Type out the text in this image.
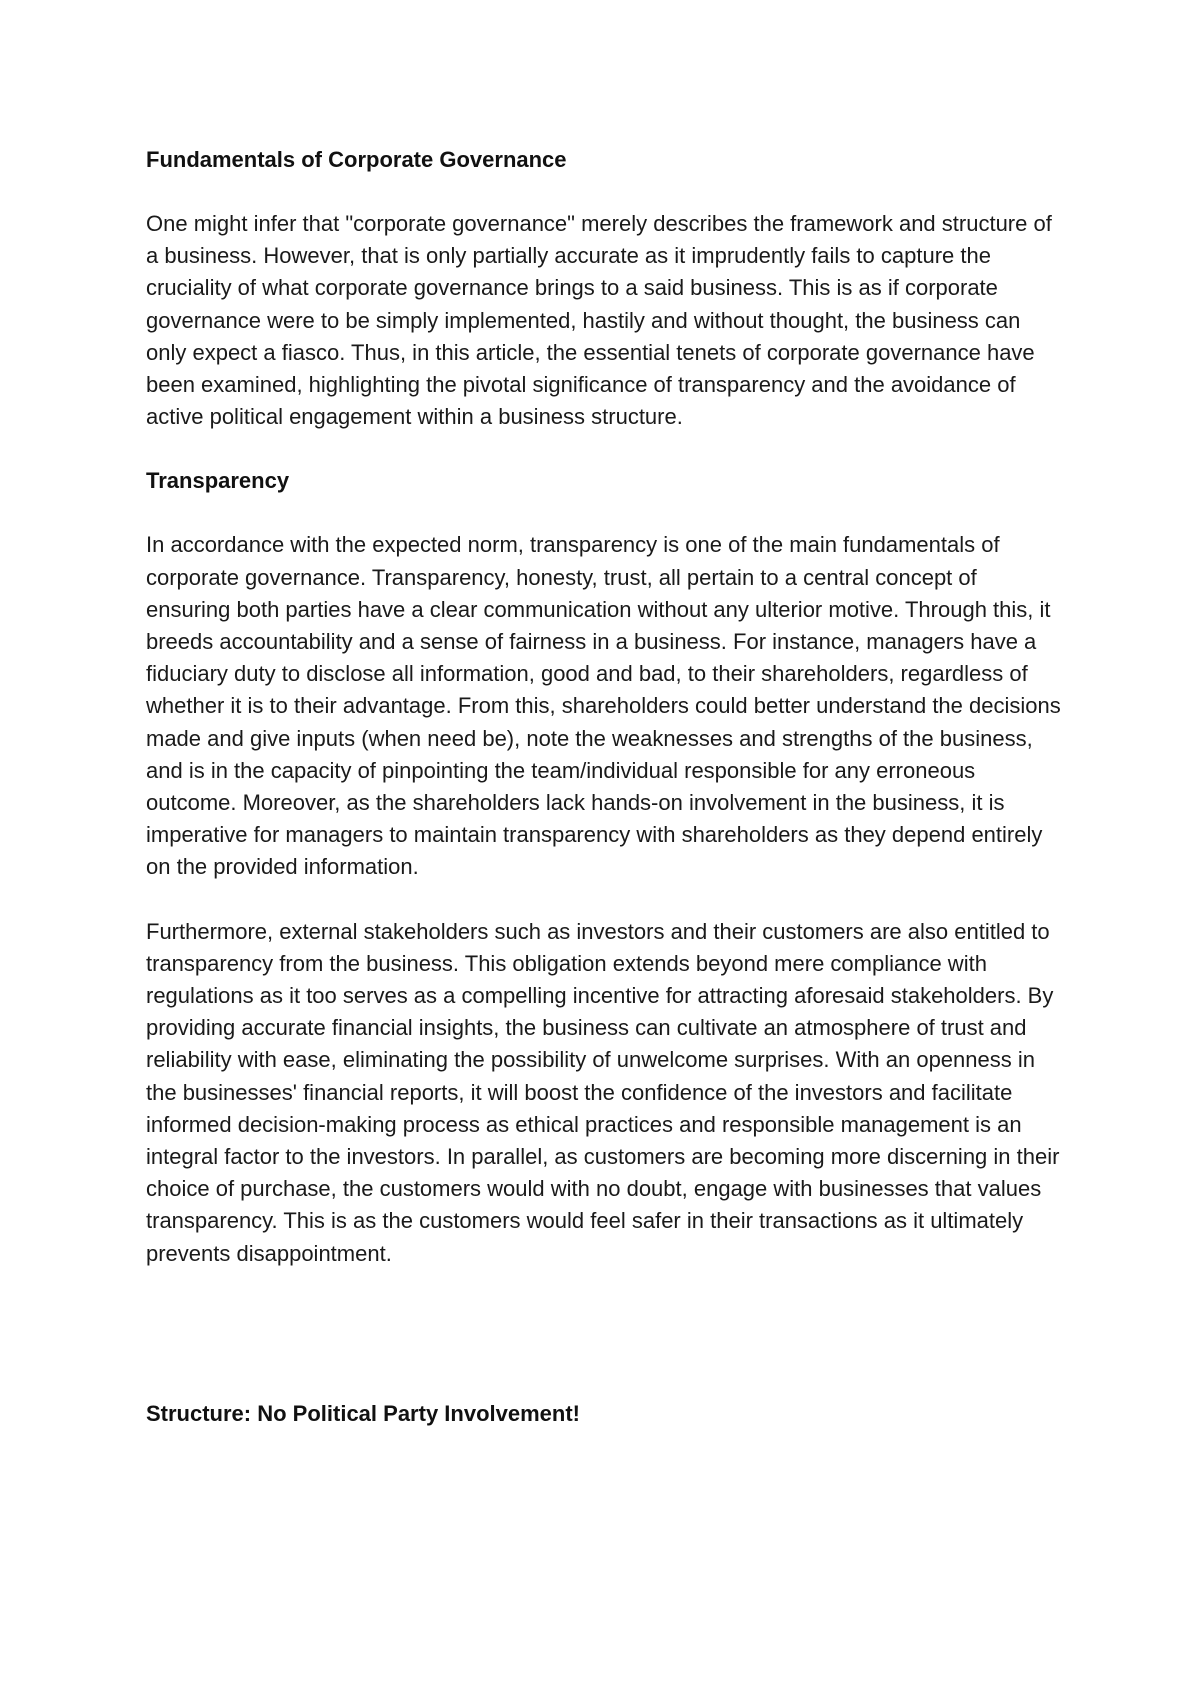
Fundamentals of Corporate Governance

One might infer that "corporate governance" merely describes the framework and structure of a business. However, that is only partially accurate as it imprudently fails to capture the cruciality of what corporate governance brings to a said business. This is as if corporate governance were to be simply implemented, hastily and without thought, the business can only expect a fiasco. Thus, in this article, the essential tenets of corporate governance have been examined, highlighting the pivotal significance of transparency and the avoidance of active political engagement within a business structure.

Transparency

In accordance with the expected norm, transparency is one of the main fundamentals of corporate governance. Transparency, honesty, trust, all pertain to a central concept of ensuring both parties have a clear communication without any ulterior motive. Through this, it breeds accountability and a sense of fairness in a business. For instance, managers have a fiduciary duty to disclose all information, good and bad, to their shareholders, regardless of whether it is to their advantage. From this, shareholders could better understand the decisions made and give inputs (when need be), note the weaknesses and strengths of the business, and is in the capacity of pinpointing the team/individual responsible for any erroneous outcome. Moreover, as the shareholders lack hands-on involvement in the business, it is imperative for managers to maintain transparency with shareholders as they depend entirely on the provided information.

Furthermore, external stakeholders such as investors and their customers are also entitled to transparency from the business. This obligation extends beyond mere compliance with regulations as it too serves as a compelling incentive for attracting aforesaid stakeholders. By providing accurate financial insights, the business can cultivate an atmosphere of trust and reliability with ease, eliminating the possibility of unwelcome surprises. With an openness in the businesses' financial reports, it will boost the confidence of the investors and facilitate informed decision-making process as ethical practices and responsible management is an integral factor to the investors. In parallel, as customers are becoming more discerning in their choice of purchase, the customers would with no doubt, engage with businesses that values transparency. This is as the customers would feel safer in their transactions as it ultimately prevents disappointment.

Structure: No Political Party Involvement!
